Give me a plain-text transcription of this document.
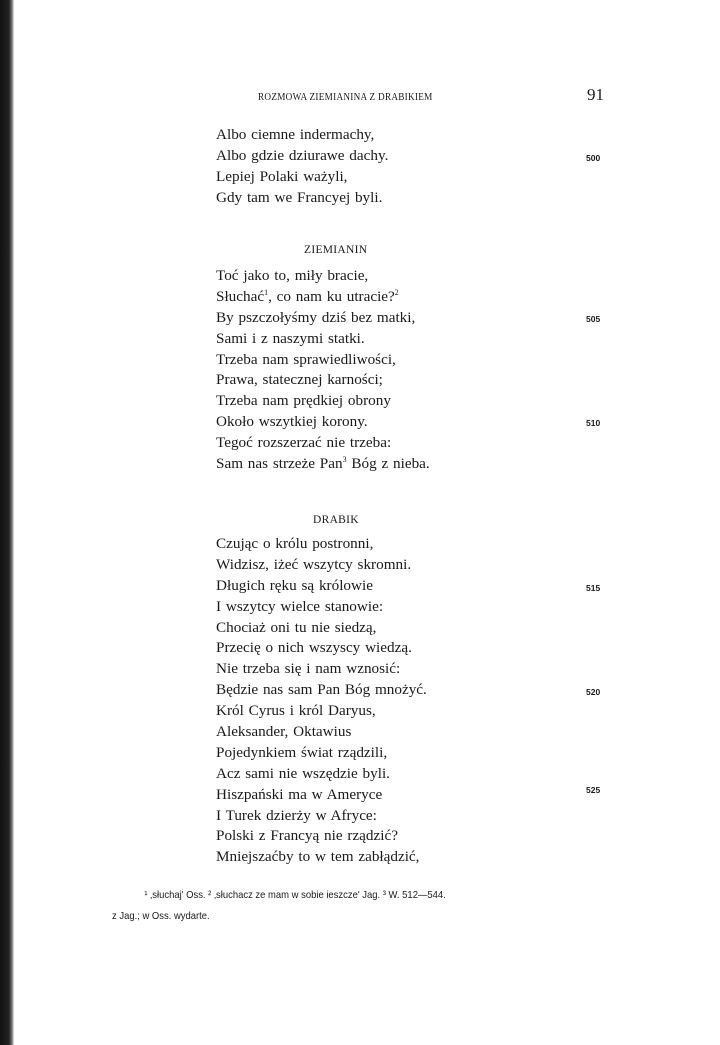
ROZMOWA ZIEMIANINA Z DRABIKIEM	91
Albo ciemne indermachy,
Albo gdzie dziurawe dachy.
Lepiej Polaki ważyli,
Gdy tam we Francyej byli.
500
ZIEMIANIN
Toć jako to, miły bracie,
Słuchać$^1$, co nam ku utracie?$^2$
By pszczołyśmy dziś bez matki,
Sami i z naszymi statki.
Trzeba nam sprawiedliwości,
Prawa, statecznej karności;
Trzeba nam prędkiej obrony
Około wszytkiej korony.
Tegoć rozszerzać nie trzeba:
Sam nas strzeże Pan$^3$ Bóg z nieba.
505
510
DRABIK
Czując o królu postronni,
Widzisz, iżeć wszytcy skromni.
Długich ręku są królowie
I wszytcy wielce stanowie:
Chociaż oni tu nie siedzą,
Przecię o nich wszyscy wiedzą.
Nie trzeba się i nam wznosić:
Będzie nas sam Pan Bóg mnożyć.
Król Cyrus i król Daryus,
Aleksander, Oktawius
Pojedynkiem świat rządzili,
Acz sami nie wszędzie byli.
Hiszpański ma w Ameryce
I Turek dzierży w Afryce:
Polski z Francyą nie rządzić?
Mniejszaćby to w tem zabłądzić,
515
520
525
¹ ‚słuchaj' Oss. ² ‚słuchacz ze mam w sobie ieszcze' Jag. ³ W. 512—544.
z Jag.; w Oss. wydarte.
